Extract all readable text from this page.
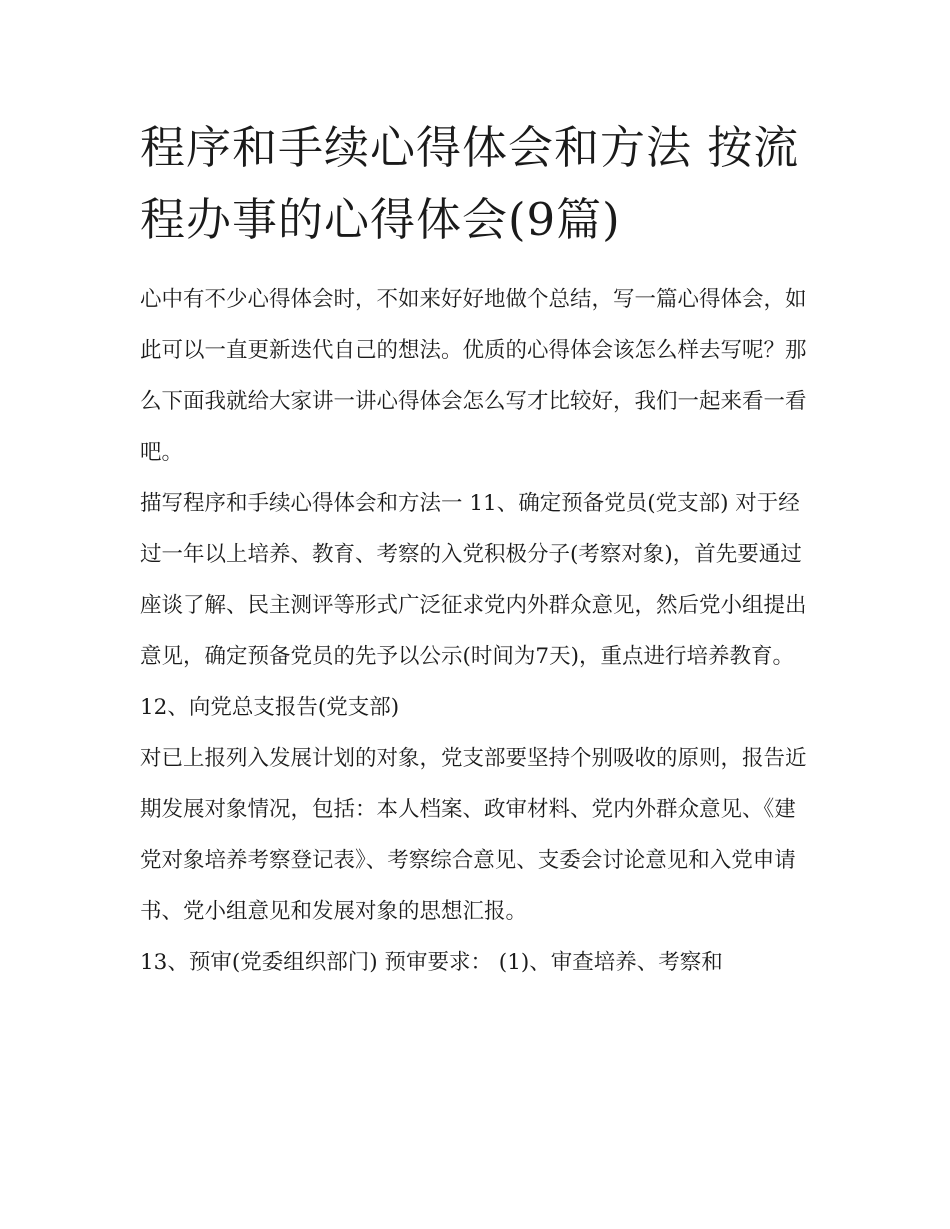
程序和手续心得体会和方法 按流程办事的心得体会(9篇)

心中有不少心得体会时，不如来好好地做个总结，写一篇心得体会，如此可以一直更新迭代自己的想法。优质的心得体会该怎么样去写呢？那么下面我就给大家讲一讲心得体会怎么写才比较好，我们一起来看一看吧。

描写程序和手续心得体会和方法一 11、确定预备党员(党支部) 对于经过一年以上培养、教育、考察的入党积极分子(考察对象)，首先要通过座谈了解、民主测评等形式广泛征求党内外群众意见，然后党小组提出意见，确定预备党员的先予以公示(时间为7天)，重点进行培养教育。

12、向党总支报告(党支部)

对已上报列入发展计划的对象，党支部要坚持个别吸收的原则，报告近期发展对象情况，包括：本人档案、政审材料、党内外群众意见、《建党对象培养考察登记表》、考察综合意见、支委会讨论意见和入党申请书、党小组意见和发展对象的思想汇报。

13、预审(党委组织部门) 预审要求： (1)、审查培养、考察和
